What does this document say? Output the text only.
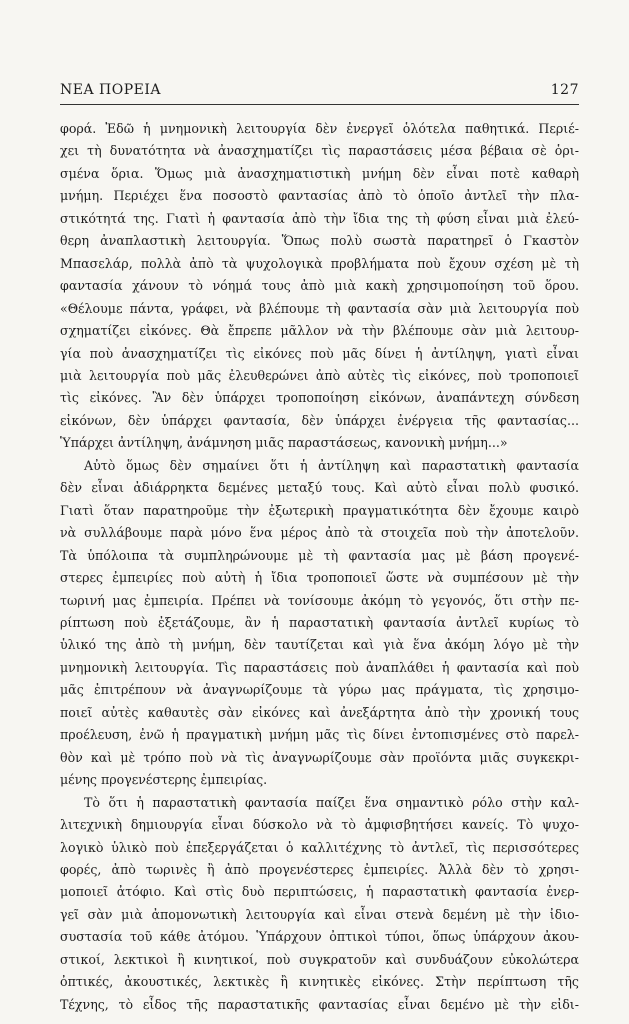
ΝΕΑ ΠΟΡΕΙΑ	127

φορά. Ἐδῶ ἡ μνημονικὴ λειτουργία δὲν ἐνεργεῖ ὁλότελα παθητικά. Περιέ-
χει τὴ δυνατότητα νὰ ἀνασχηματίζει τὶς παραστάσεις μέσα βέβαια σὲ ὁρι-
σμένα ὅρια. Ὅμως μιὰ ἀνασχηματιστικὴ μνήμη δὲν εἶναι ποτὲ καθαρὴ
μνήμη. Περιέχει ἕνα ποσοστὸ φαντασίας ἀπὸ τὸ ὁποῖο ἀντλεῖ τὴν πλα-
στικότητά της. Γιατὶ ἡ φαντασία ἀπὸ τὴν ἴδια της τὴ φύση εἶναι μιὰ ἐλεύ-
θερη ἀναπλαστικὴ λειτουργία. Ὅπως πολὺ σωστὰ παρατηρεῖ ὁ Γκαστὸν
Μπασελάρ, πολλὰ ἀπὸ τὰ ψυχολογικὰ προβλήματα ποὺ ἔχουν σχέση μὲ τὴ
φαντασία χάνουν τὸ νόημά τους ἀπὸ μιὰ κακὴ χρησιμοποίηση τοῦ ὅρου.
«Θέλουμε πάντα, γράφει, νὰ βλέπουμε τὴ φαντασία σὰν μιὰ λειτουργία ποὺ
σχηματίζει εἰκόνες. Θὰ ἔπρεπε μᾶλλον νὰ τὴν βλέπουμε σὰν μιὰ λειτουρ-
γία ποὺ ἀνασχηματίζει τὶς εἰκόνες ποὺ μᾶς δίνει ἡ ἀντίληψη, γιατὶ εἶναι
μιὰ λειτουργία ποὺ μᾶς ἐλευθερώνει ἀπὸ αὐτὲς τὶς εἰκόνες, ποὺ τροποποιεῖ
τὶς εἰκόνες. Ἂν δὲν ὑπάρχει τροποποίηση εἰκόνων, ἀναπάντεχη σύνδεση
εἰκόνων, δὲν ὑπάρχει φαντασία, δὲν ὑπάρχει ἐνέργεια τῆς φαντασίας...
Ὑπάρχει ἀντίληψη, ἀνάμνηση μιᾶς παραστάσεως, κανονικὴ μνήμη...»

Αὐτὸ ὅμως δὲν σημαίνει ὅτι ἡ ἀντίληψη καὶ παραστατικὴ φαντασία
δὲν εἶναι ἀδιάρρηκτα δεμένες μεταξύ τους. Καὶ αὐτὸ εἶναι πολὺ φυσικό.
Γιατὶ ὅταν παρατηροῦμε τὴν ἐξωτερικὴ πραγματικότητα δὲν ἔχουμε καιρὸ
νὰ συλλάβουμε παρὰ μόνο ἕνα μέρος ἀπὸ τὰ στοιχεῖα ποὺ τὴν ἀποτελοῦν.
Τὰ ὑπόλοιπα τὰ συμπληρώνουμε μὲ τὴ φαντασία μας μὲ βάση προγενέ-
στερες ἐμπειρίες ποὺ αὐτὴ ἡ ἴδια τροποποιεῖ ὥστε νὰ συμπέσουν μὲ τὴν
τωρινή μας ἐμπειρία. Πρέπει νὰ τονίσουμε ἀκόμη τὸ γεγονός, ὅτι στὴν πε-
ρίπτωση ποὺ ἐξετάζουμε, ἂν ἡ παραστατικὴ φαντασία ἀντλεῖ κυρίως τὸ
ὑλικό της ἀπὸ τὴ μνήμη, δὲν ταυτίζεται καὶ γιὰ ἕνα ἀκόμη λόγο μὲ τὴν
μνημονικὴ λειτουργία. Τὶς παραστάσεις ποὺ ἀναπλάθει ἡ φαντασία καὶ ποὺ
μᾶς ἐπιτρέπουν νὰ ἀναγνωρίζουμε τὰ γύρω μας πράγματα, τὶς χρησιμο-
ποιεῖ αὐτὲς καθαυτὲς σὰν εἰκόνες καὶ ἀνεξάρτητα ἀπὸ τὴν χρονική τους
προέλευση, ἐνῶ ἡ πραγματικὴ μνήμη μᾶς τὶς δίνει ἐντοπισμένες στὸ παρελ-
θὸν καὶ μὲ τρόπο ποὺ νὰ τὶς ἀναγνωρίζουμε σὰν προϊόντα μιᾶς συγκεκρι-
μένης προγενέστερης ἐμπειρίας.

Τὸ ὅτι ἡ παραστατικὴ φαντασία παίζει ἕνα σημαντικὸ ρόλο στὴν καλ-
λιτεχνικὴ δημιουργία εἶναι δύσκολο νὰ τὸ ἀμφισβητήσει κανείς. Τὸ ψυχο-
λογικὸ ὑλικὸ ποὺ ἐπεξεργάζεται ὁ καλλιτέχνης τὸ ἀντλεῖ, τὶς περισσότερες
φορές, ἀπὸ τωρινὲς ἢ ἀπὸ προγενέστερες ἐμπειρίες. Ἀλλὰ δὲν τὸ χρησι-
μοποιεῖ ἀτόφιο. Καὶ στὶς δυὸ περιπτώσεις, ἡ παραστατικὴ φαντασία ἐνερ-
γεῖ σὰν μιὰ ἀπομονωτικὴ λειτουργία καὶ εἶναι στενὰ δεμένη μὲ τὴν ἰδιο-
συστασία τοῦ κάθε ἀτόμου. Ὑπάρχουν ὀπτικοὶ τύποι, ὅπως ὑπάρχουν ἀκου-
στικοί, λεκτικοὶ ἢ κινητικοί, ποὺ συγκρατοῦν καὶ συνδυάζουν εὐκολώτερα
ὀπτικές, ἀκουστικές, λεκτικὲς ἢ κινητικὲς εἰκόνες. Στὴν περίπτωση τῆς
Τέχνης, τὸ εἶδος τῆς παραστατικῆς φαντασίας εἶναι δεμένο μὲ τὴν εἰδι-
